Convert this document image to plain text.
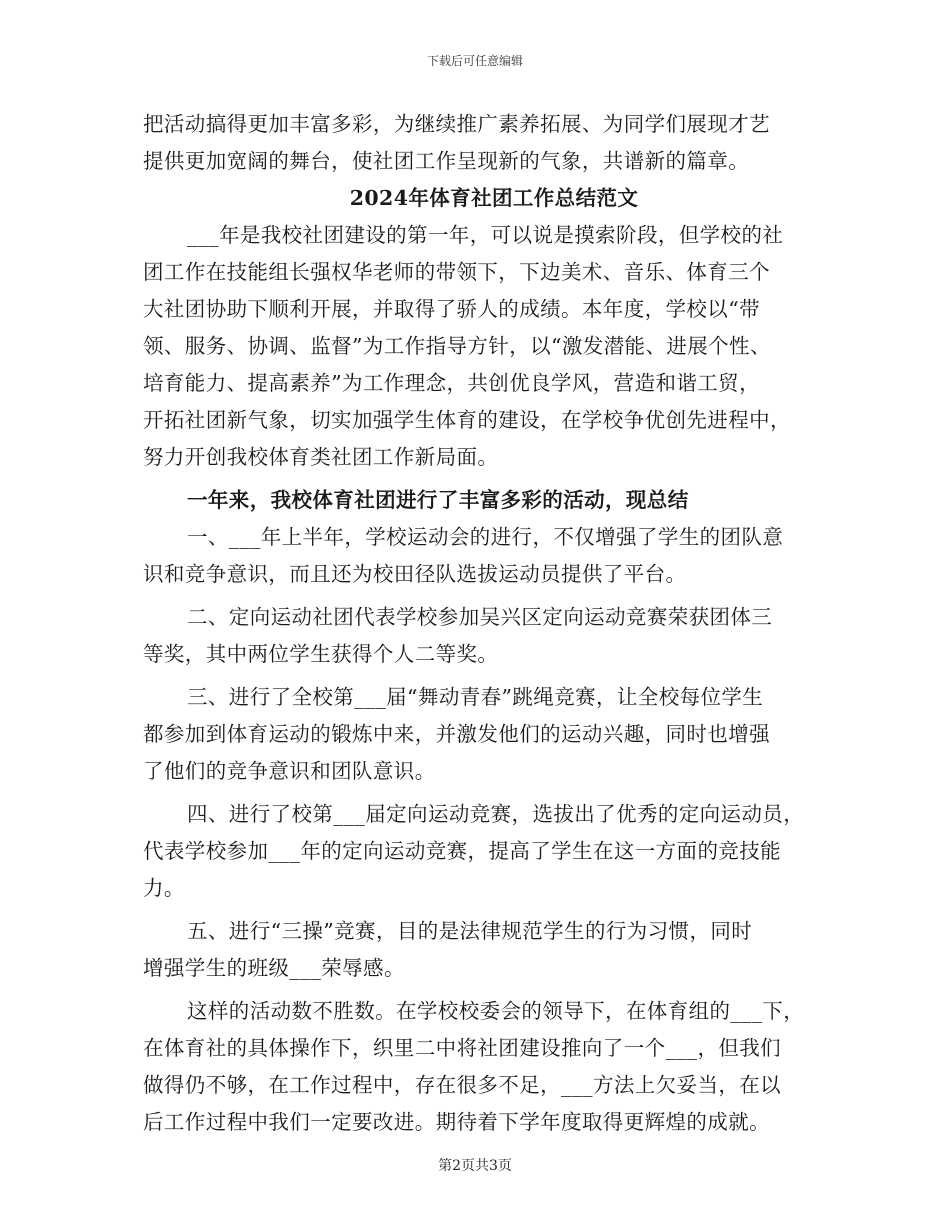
下载后可任意编辑
把活动搞得更加丰富多彩，为继续推广素养拓展、为同学们展现才艺
提供更加宽阔的舞台，使社团工作呈现新的气象，共谱新的篇章。
2024年体育社团工作总结范文
___年是我校社团建设的第一年，可以说是摸索阶段，但学校的社
团工作在技能组长强权华老师的带领下，下边美术、音乐、体育三个
大社团协助下顺利开展，并取得了骄人的成绩。本年度，学校以“带
领、服务、协调、监督”为工作指导方针，以“激发潜能、进展个性、
培育能力、提高素养”为工作理念，共创优良学风，营造和谐工贸，
开拓社团新气象，切实加强学生体育的建设，在学校争优创先进程中，
努力开创我校体育类社团工作新局面。
一年来，我校体育社团进行了丰富多彩的活动，现总结
一、___年上半年，学校运动会的进行，不仅增强了学生的团队意
识和竞争意识，而且还为校田径队选拔运动员提供了平台。
二、定向运动社团代表学校参加吴兴区定向运动竞赛荣获团体三
等奖，其中两位学生获得个人二等奖。
三、进行了全校第___届“舞动青春”跳绳竞赛，让全校每位学生
都参加到体育运动的锻炼中来，并激发他们的运动兴趣，同时也增强
了他们的竞争意识和团队意识。
四、进行了校第___届定向运动竞赛，选拔出了优秀的定向运动员，
代表学校参加___年的定向运动竞赛，提高了学生在这一方面的竞技能
力。
五、进行“三操”竞赛，目的是法律规范学生的行为习惯，同时
增强学生的班级___荣辱感。
这样的活动数不胜数。在学校校委会的领导下，在体育组的___下，
在体育社的具体操作下，织里二中将社团建设推向了一个___，但我们
做得仍不够，在工作过程中，存在很多不足，___方法上欠妥当，在以
后工作过程中我们一定要改进。期待着下学年度取得更辉煌的成就。
第2页共3页
